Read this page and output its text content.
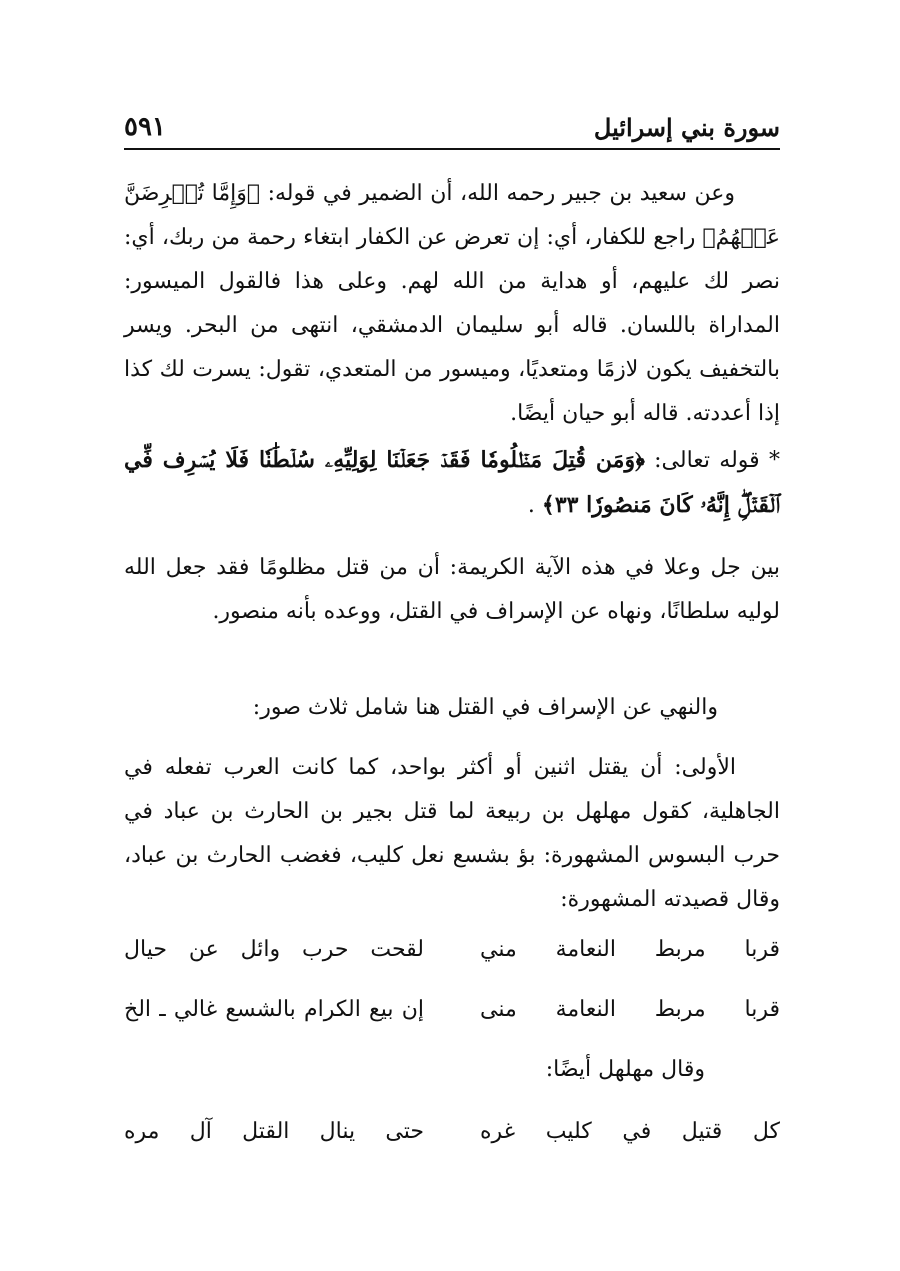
سورة بني إسرائيل
٥٩١
وعن سعيد بن جبير رحمه الله، أن الضمير في قوله: ﴿وَإِمَّا تُعۡرِضَنَّ عَنۡهُمُ﴾ راجع للكفار، أي: إن تعرض عن الكفار ابتغاء رحمة من ربك، أي: نصر لك عليهم، أو هداية من الله لهم. وعلى هذا فالقول الميسور: المداراة باللسان. قاله أبو سليمان الدمشقي، انتهى من البحر. ويسر بالتخفيف يكون لازمًا ومتعديًا، وميسور من المتعدي، تقول: يسرت لك كذا إذا أعددته. قاله أبو حيان أيضًا.
* قوله تعالى: ﴿وَمَن قُتِلَ مَظۡلُومٗا فَقَدۡ جَعَلۡنَا لِوَلِيِّهِۦ سُلۡطَٰنٗا فَلَا يُسۡرِف فِّي ٱلۡقَتۡلِۖ إِنَّهُۥ كَانَ مَنصُورٗا ٣٣﴾ .
بين جل وعلا في هذه الآية الكريمة: أن من قتل مظلومًا فقد جعل الله لوليه سلطانًا، ونهاه عن الإسراف في القتل، ووعده بأنه منصور.
والنهي عن الإسراف في القتل هنا شامل ثلاث صور:
الأولى: أن يقتل اثنين أو أكثر بواحد، كما كانت العرب تفعله في الجاهلية، كقول مهلهل بن ربيعة لما قتل بجير بن الحارث بن عباد في حرب البسوس المشهورة: بؤ بشسع نعل كليب، فغضب الحارث بن عباد، وقال قصيدته المشهورة:
قربا مربط النعامة مني
لقحت حرب وائل عن حيال
قربا مربط النعامة منى
إن بيع الكرام بالشسع غالي ـ الخ
وقال مهلهل أيضًا:
كل قتيل في كليب غره
حتى ينال القتل آل مره
